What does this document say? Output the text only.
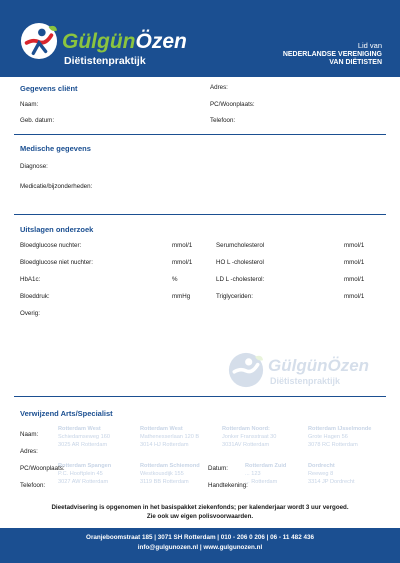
GülgünÖzen
Diëtistenpraktijk
Lid van
NEDERLANDSE VERENIGING
VAN DIËTISTEN
Gegevens cliënt
Naam:
Geb. datum:
Adres:
PC/Woonplaats:
Telefoon:
Medische gegevens
Diagnose:
Medicatie/bijzonderheden:
Uitslagen onderzoek
Bloedglucose nuchter:	mmol/1
Bloedglucose niet nuchter:	mmol/1
HbA1c:	%
Bloeddruk:	mmHg
Serumcholesterol	mmol/1
HO L -cholesterol	mmol/1
LD L -cholesterol:	mmol/1
Triglyceriden:	mmol/1
Overig:
GülgünÖzen
Diëtistenpraktijk
Verwijzend Arts/Specialist
Rotterdam West
Schiedamseweg 160
3025 AR Rotterdam
Rotterdam West
Mathenesserlaan 120 B
3014 HJ Rotterdam
Rotterdam Noord:
Jonker Fransstraat 30
3031AV Rotterdam
Rotterdam IJsselmonde
Grote Hagen 56
3078 RC Rotterdam
Rotterdam Spangen
P.C. Hooftplein 45
3027 AW Rotterdam
Rotterdam Schiemond
Westkousdijk 155
3119 BB Rotterdam
Rotterdam Zuid
... 123
... Rotterdam
Dordrecht
Reeweg 8
3314 JP Dordrecht
Naam:
Adres:
PC/Woonplaats:
Telefoon:
Datum:
Handtekening:
Dieetadvisering is opgenomen in het basispakket ziekenfonds; per kalenderjaar wordt 3 uur vergoed.
Zie ook uw eigen polisvoorwaarden.
Oranjeboomstraat 185 | 3071 SH Rotterdam | 010 - 206 0 206 | 06 - 11 482 436
info@gulgunozen.nl | www.gulgunozen.nl
